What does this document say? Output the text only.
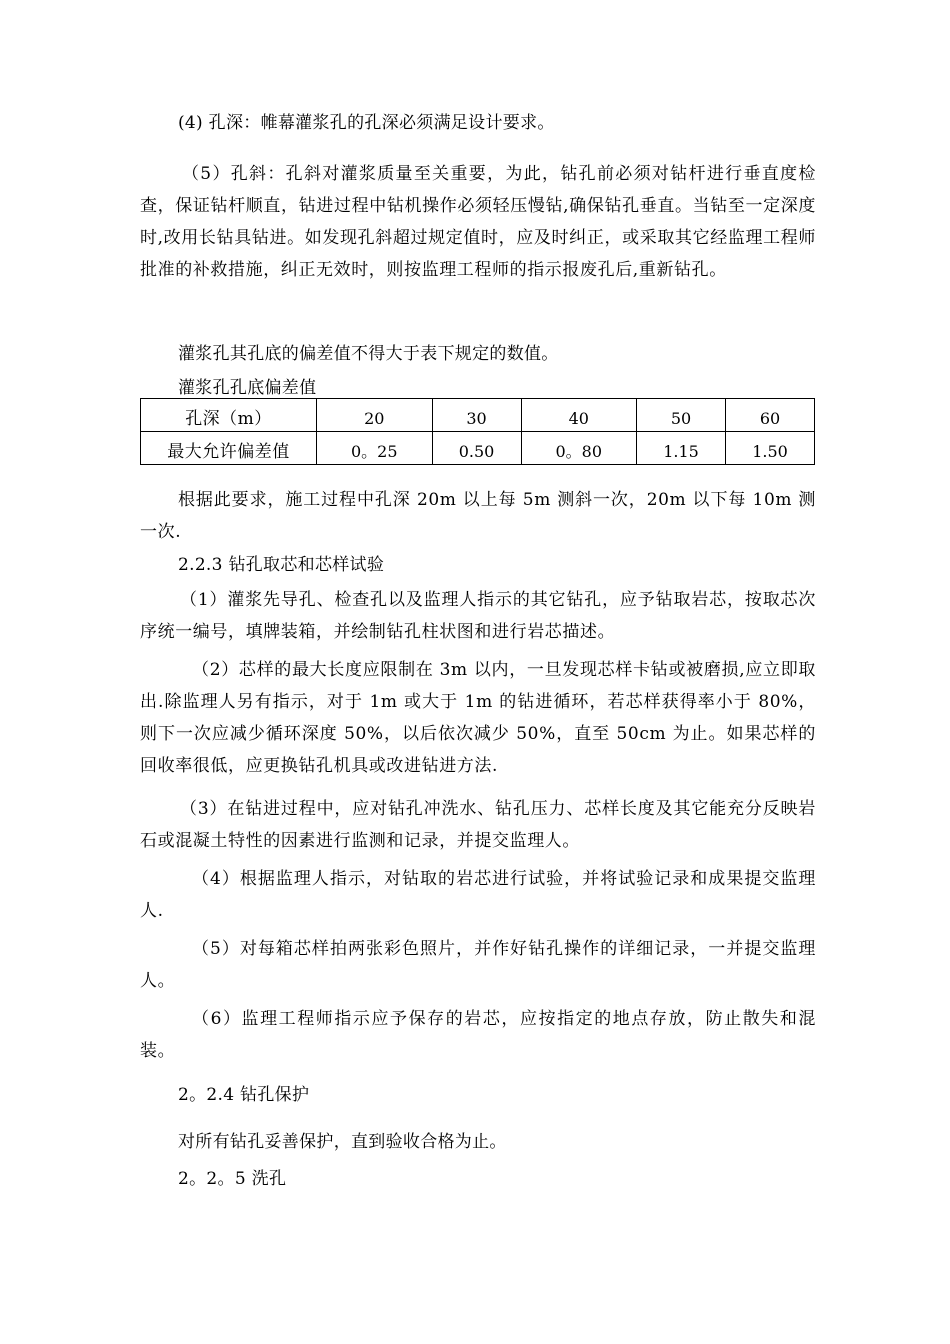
(4) 孔深：帷幕灌浆孔的孔深必须满足设计要求。

（5）孔斜：孔斜对灌浆质量至关重要，为此，钻孔前必须对钻杆进行垂直度检查，保证钻杆顺直，钻进过程中钻机操作必须轻压慢钻,确保钻孔垂直。当钻至一定深度时,改用长钻具钻进。如发现孔斜超过规定值时，应及时纠正，或采取其它经监理工程师批准的补救措施，纠正无效时，则按监理工程师的指示报废孔后,重新钻孔。

灌浆孔其孔底的偏差值不得大于表下规定的数值。
灌浆孔孔底偏差值
孔深（m）	20	30	40	50	60
最大允许偏差值	0。25	0.50	0。80	1.15	1.50

根据此要求，施工过程中孔深 20m 以上每 5m 测斜一次，20m 以下每 10m 测一次.

2.2.3 钻孔取芯和芯样试验

（1）灌浆先导孔、检查孔以及监理人指示的其它钻孔，应予钻取岩芯，按取芯次序统一编号，填牌装箱，并绘制钻孔柱状图和进行岩芯描述。

（2）芯样的最大长度应限制在 3m 以内，一旦发现芯样卡钻或被磨损,应立即取出.除监理人另有指示，对于 1m 或大于 1m 的钻进循环，若芯样获得率小于 80%，则下一次应减少循环深度 50%，以后依次减少 50%，直至 50cm 为止。如果芯样的回收率很低，应更换钻孔机具或改进钻进方法.

（3）在钻进过程中，应对钻孔冲洗水、钻孔压力、芯样长度及其它能充分反映岩石或混凝土特性的因素进行监测和记录，并提交监理人。

（4）根据监理人指示，对钻取的岩芯进行试验，并将试验记录和成果提交监理人.

（5）对每箱芯样拍两张彩色照片，并作好钻孔操作的详细记录，一并提交监理人。

（6）监理工程师指示应予保存的岩芯，应按指定的地点存放，防止散失和混装。

2。2.4 钻孔保护
对所有钻孔妥善保护，直到验收合格为止。
2。2。5 洗孔
